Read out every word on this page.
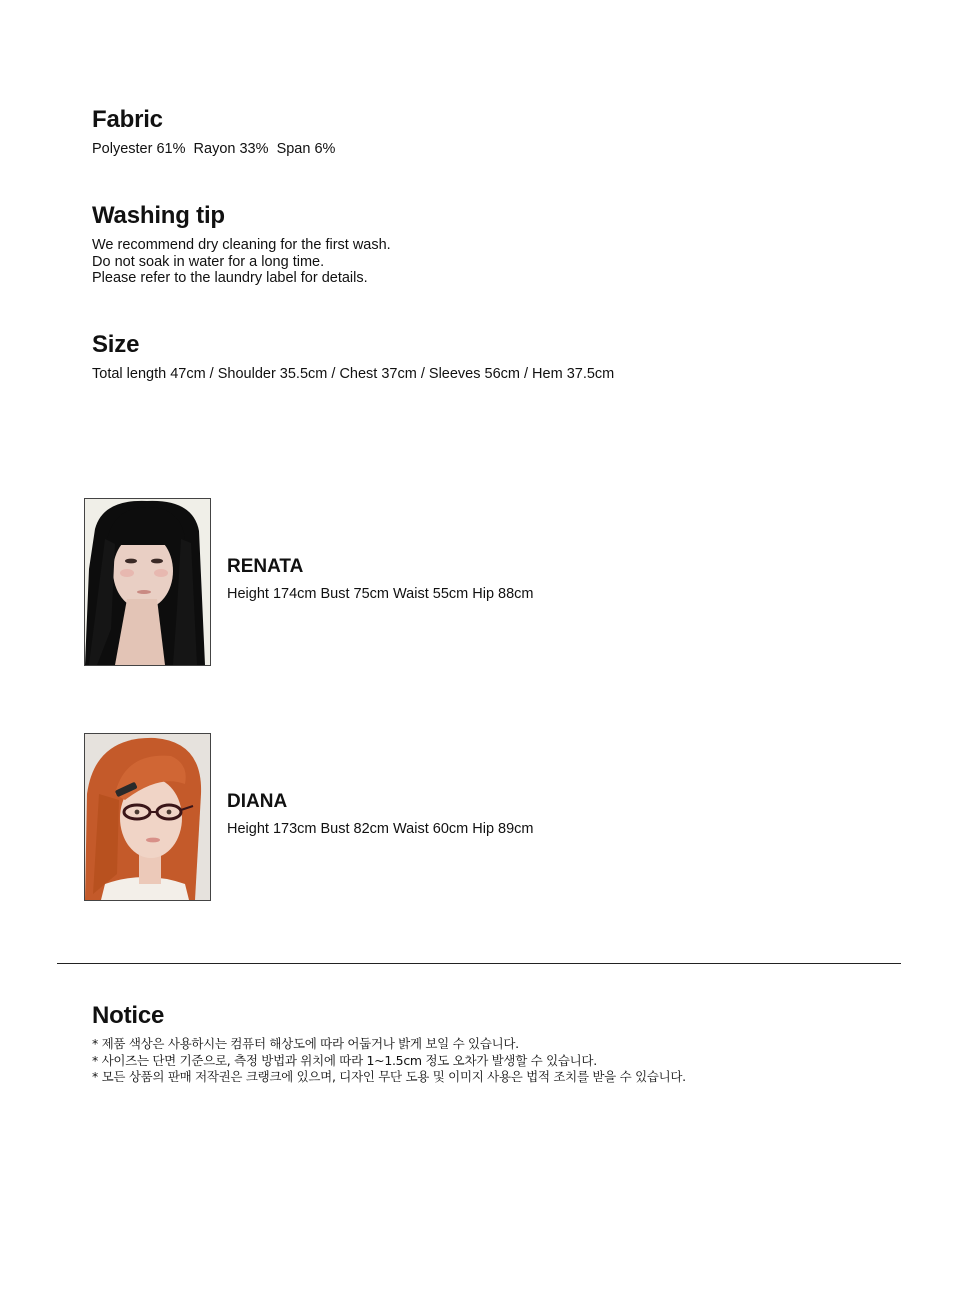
Fabric

Polyester 61%  Rayon 33%  Span 6%

Washing tip

We recommend dry cleaning for the first wash.

Do not soak in water for a long time.

Please refer to the laundry label for details.

Size

Total length 47cm / Shoulder 35.5cm / Chest 37cm / Sleeves 56cm / Hem 37.5cm

RENATA

Height 174cm Bust 75cm Waist 55cm Hip 88cm

DIANA

Height 173cm Bust 82cm Waist 60cm Hip 89cm

Notice

* 제품 색상은 사용하시는 컴퓨터 해상도에 따라 어둡거나 밝게 보일 수 있습니다.

* 사이즈는 단면 기준으로, 측정 방법과 위치에 따라 1~1.5cm 정도 오차가 발생할 수 있습니다.

* 모든 상품의 판매 저작권은 크랭크에 있으며, 디자인 무단 도용 및 이미지 사용은 법적 조치를 받을 수 있습니다.
